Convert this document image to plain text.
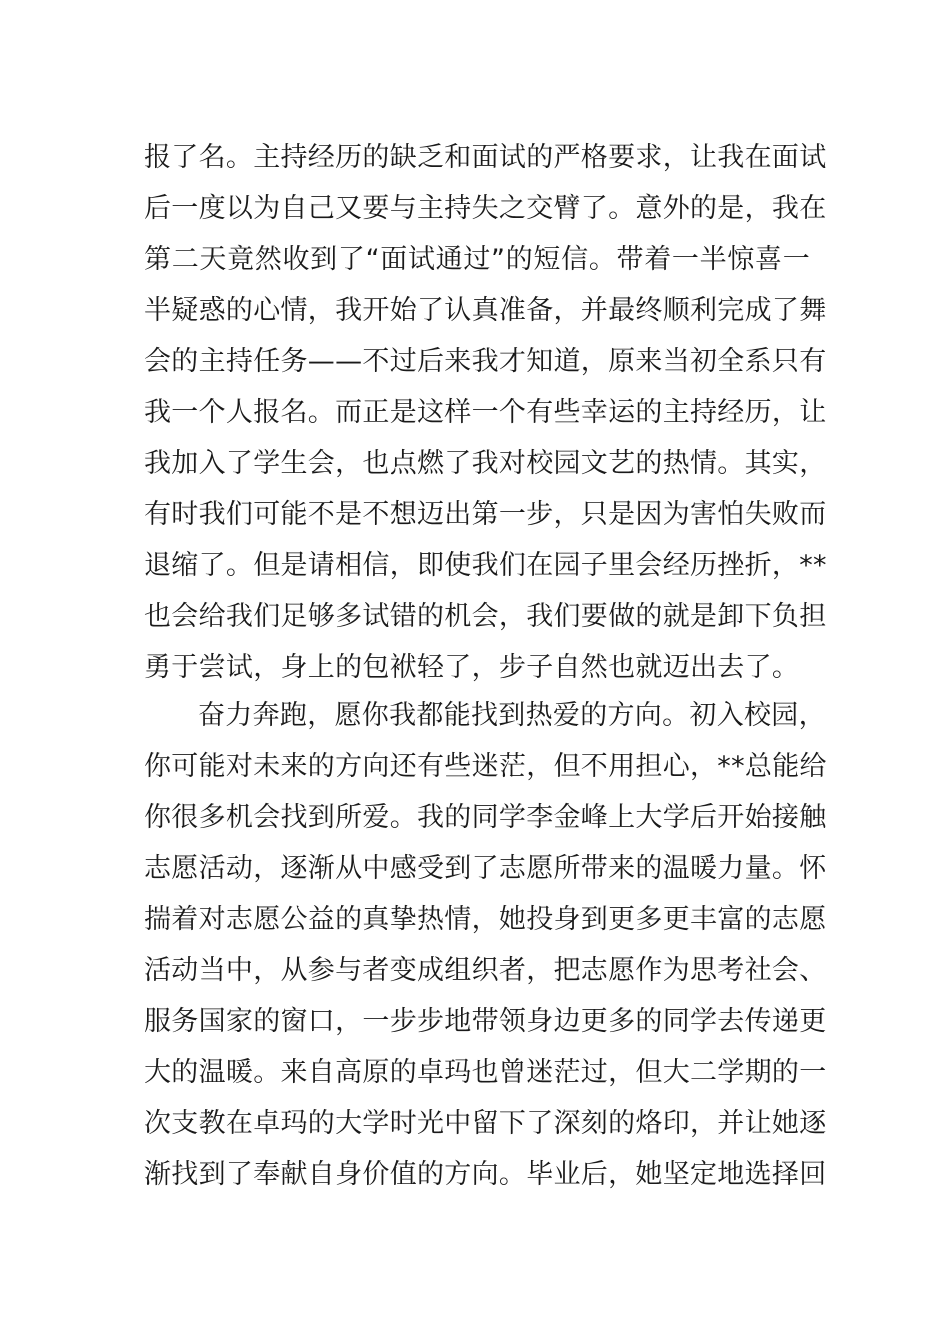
报了名。主持经历的缺乏和面试的严格要求，让我在面试
后一度以为自己又要与主持失之交臂了。意外的是，我在
第二天竟然收到了“面试通过”的短信。带着一半惊喜一
半疑惑的心情，我开始了认真准备，并最终顺利完成了舞
会的主持任务——不过后来我才知道，原来当初全系只有
我一个人报名。而正是这样一个有些幸运的主持经历，让
我加入了学生会，也点燃了我对校园文艺的热情。其实，
有时我们可能不是不想迈出第一步，只是因为害怕失败而
退缩了。但是请相信，即使我们在园子里会经历挫折，**
也会给我们足够多试错的机会，我们要做的就是卸下负担
勇于尝试，身上的包袱轻了，步子自然也就迈出去了。
奋力奔跑，愿你我都能找到热爱的方向。初入校园，
你可能对未来的方向还有些迷茫，但不用担心，**总能给
你很多机会找到所爱。我的同学李金峰上大学后开始接触
志愿活动，逐渐从中感受到了志愿所带来的温暖力量。怀
揣着对志愿公益的真挚热情，她投身到更多更丰富的志愿
活动当中，从参与者变成组织者，把志愿作为思考社会、
服务国家的窗口，一步步地带领身边更多的同学去传递更
大的温暖。来自高原的卓玛也曾迷茫过，但大二学期的一
次支教在卓玛的大学时光中留下了深刻的烙印，并让她逐
渐找到了奉献自身价值的方向。毕业后，她坚定地选择回
